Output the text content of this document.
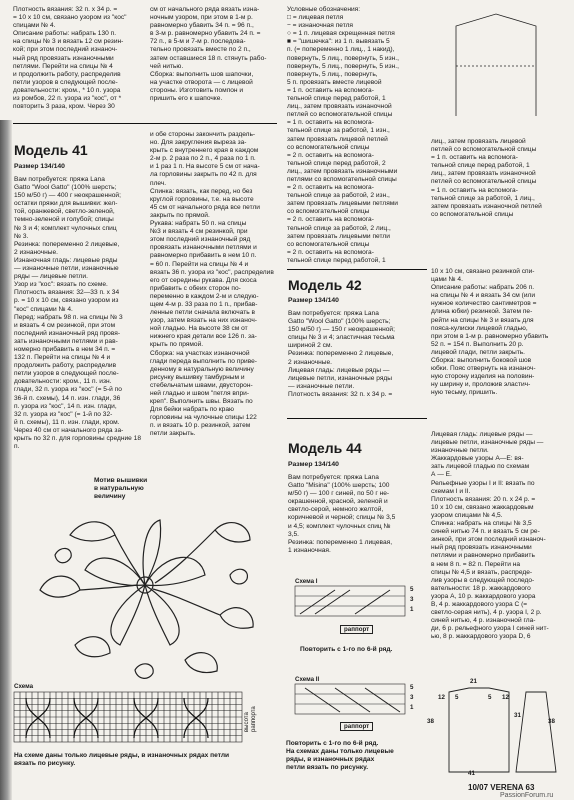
Плотность вязания: 32 п. х 34 р. =
= 10 х 10 см, связано узором из "кос"
спицами № 4.
Описание работы: набрать 130 п.
на спицы № 3 и вязать 12 см резин-
кой; при этом последний изнаноч-
ный ряд провязать изнаночными
петлями. Перейти на спицы № 4
и продолжить работу, распределив
петли узоров в следующей после-
довательности: кром., * 10 п. узора
из ромбов, 22 п. узора из "кос", от *
повторить 3 раза, кром. Через 30
см от начального ряда вязать изна-
ночным узором, при этом в 1-м р.
равномерно убавить 34 п. = 96 п.,
в 3-м р. равномерно убавить 24 п. =
72 п., в 5-м и 7-м р. последова-
тельно провязать вместе по 2 п.,
затем оставшиеся 18 п. стянуть рабо-
чей нитью.
Сборка: выполнить шов шапочки,
на участке отворота — с лицевой
стороны. Изготовить помпон и
пришить его к шапочке.
Модель 41
Размер 134/140
Вам потребуется: пряжа Lana
Gatto "Wool Gatto" (100% шерсть;
150 м/50 г) — 400 г неокрашенной;
остатки пряжи для вышивки: жел-
той, оранжевой, светло-зеленой,
темно-зеленой и голубой; спицы
№ 3 и 4; комплект чулочных спиц
№ 3.
Резинка: попеременно 2 лицевые,
2 изнаночные.
Изнаночная гладь: лицевые ряды
— изнаночные петли, изнаночные
ряды — лицевые петли.
Узор из "кос": вязать по схеме.
Плотность вязания: 32—33 п. х 34
р. = 10 х 10 см, связано узором из
"кос" спицами № 4.
Перед: набрать 98 п. на спицы № 3
и вязать 4 см резинкой, при этом
последний изнаночный ряд провя-
зать изнаночными петлями и рав-
номерно прибавить в нем 34 п. =
132 п. Перейти на спицы № 4 и
продолжить работу, распределив
петли узоров в следующей после-
довательности: кром., 11 п. изн.
глади, 32 п. узора из "кос" (= 5-й по
36-й п. схемы), 14 п. изн. глади, 36
п. узора из "кос", 14 п. изн. глади,
32 п. узора из "кос" (= 1-й по 32-
й п. схемы), 11 п. изн. глади, кром.
Через 40 см от начального ряда за-
крыть по 32 п. для горловины средние 18 п.
и обе стороны закончить раздель-
но. Для закругления выреза за-
крыть с внутреннего края в каждом
2-м р. 2 раза по 2 п., 4 раза по 1 п.
и 1 раз 1 п. На высоте 5 см от нача-
ла горловины закрыть по 42 п. для
плеч.
Спинка: вязать, как перед, но без
круглой горловины, т.е. на высоте
45 см от начального ряда все петли
закрыть по прямой.
Рукава: набрать 50 п. на спицы
№3 и вязать 4 см резинкой, при
этом последний изнаночный ряд
провязать изнаночными петлями и
равномерно прибавить в нем 10 п.
= 60 п. Перейти на спицы № 4 и
вязать 36 п. узора из "кос", распределив
его от середины рукава. Для скоса
прибавить с обеих сторон по-
переменно в каждом 2-м и следую-
щем 4-м р. 33 раза по 1 п., прибав-
ленные петли сначала включать в
узор, затем вязать на них изнаноч-
ной гладью. На высоте 38 см от
нижнего края детали все 126 п. за-
крыть по прямой.
Сборка: на участках изнаночной
глади переда выполнить по приве-
денному в натуральную величину
рисунку вышивку тамбурным и
стебельчатым швами, двусторон-
ней гладью и швом "петля впри-
креп". Выполнить швы. Вязать по
Для бейки набрать по краю
горловины на чулочные спицы 122
п. и вязать 10 р. резинкой, затем
петли закрыть.
Мотив вышивки
в натуральную
величину
Схема
высота
раппорта
На схеме даны только лицевые ряды, в изнаночных рядах петли
вязать по рисунку.
Условные обозначения:
□ = лицевая петля
− = изнаночная петля
○ = 1 п. лицевая скрещенная петля
■ = "шишечка": из 1 п. вывязать 5
п. (= попеременно 1 лиц., 1 накид),
повернуть, 5 лиц., повернуть, 5 изн.,
повернуть, 5 лиц., повернуть, 5 изн.,
повернуть, 5 лиц., повернуть,
5 п. провязать вместе лицевой
= 1 п. оставить на вспомога-
тельной спице перед работой, 1
лиц., затем провязать изнаночной
петлей со вспомогательной спицы
= 1 п. оставить на вспомога-
тельной спице за работой, 1 изн.,
затем провязать лицевой петлей
со вспомогательной спицы
= 2 п. оставить на вспомога-
тельной спице перед работой, 2
лиц., затем провязать изнаночными
петлями со вспомогательной спицы
= 2 п. оставить на вспомога-
тельной спице за работой, 2 изн.,
затем провязать лицевыми петлями
со вспомогательной спицы
= 2 п. оставить на вспомога-
тельной спице за работой, 2 лиц.,
затем провязать лицевыми петли
со вспомогательной спицы
= 2 п. оставить на вспомога-
тельной спице перед работой, 1
лиц., затем провязать лицевой
петлей со вспомогательной спицы
= 1 п. оставить на вспомога-
тельной спице перед работой, 1
лиц., затем провязать изнаночной
петлей со вспомогательной спицы
= 1 п. оставить на вспомога-
тельной спице за работой, 1 лиц.,
затем провязать изнаночной петлей
со вспомогательной спицы
Модель 42
Размер 134/140
Вам потребуется: пряжа Lana
Gatto "Wool Gatto" (100% шерсть;
150 м/50 г) — 150 г неокрашенной;
спицы № 3 и 4; эластичная тесьма
шириной 2 см.
Резинка: попеременно 2 лицевые,
2 изнаночные.
Лицевая гладь: лицевые ряды —
лицевые петли, изнаночные ряды
— изнаночные петли.
Плотность вязания: 32 п. х 34 р. =
10 х 10 см, связано резинкой спи-
цами № 4.
Описание работы: набрать 206 п.
на спицы № 4 и вязать 34 см (или
нужное количество сантиметров =
длина юбки) резинкой. Затем пе-
рейти на спицы № 3 и вязать для
пояса-кулиски лицевой гладью,
при этом в 1-м р. равномерно убавить
52 п. = 154 п. Выполнить 20 р.
лицевой глади, петли закрыть.
Сборка: выполнить боковой шов
юбки. Пояс отвернуть на изнаноч-
ную сторону изделия на половин-
ну ширину и, проложив эластич-
ную тесьму, пришить.
Модель 44
Размер 134/140
Вам потребуется: пряжа Lana
Gatto "Misina" (100% шерсть; 100
м/50 г) — 100 г синей, по 50 г не-
окрашенной, красной, зеленой и
светло-серой, немного желтой,
коричневой и черной; спицы № 3,5
и 4,5; комплект чулочных спиц №
3,5.
Резинка: попеременно 1 лицевая,
1 изнаночная.
Лицевая гладь: лицевые ряды —
лицевые петли, изнаночные ряды —
изнаночные петли.
Жаккардовые узоры А—Е: вя-
зать лицевой гладью по схемам
А — Е.
Рельефные узоры I и II: вязать по
схемам I и II.
Плотность вязания: 20 п. х 24 р. =
10 х 10 см, связано жаккардовым
узором спицами № 4,5.
Спинка: набрать на спицы № 3,5
синей нитью 74 п. и вязать 5 см ре-
зинкой, при этом последний изнаноч-
ный ряд провязать изнаночными
петлями и равномерно прибавить
в нем 8 п. = 82 п. Перейти на
спицы № 4,5 и вязать, распреде-
лив узоры в следующей последо-
вательности: 18 р. жаккардового
узора А, 10 р. жаккардового узора
В, 4 р. жаккардового узора С (=
светло-серая нить), 4 р. узора I, 2 р.
синей нитью, 4 р. изнаночной гла-
ди, 6 р. рельефного узора I синей нит-
ью, 8 р. жаккардового узора D, 6
Схема I
5
3
1
раппорт
Повторить с 1-го по 6-й ряд.
Схема II
5
3
1
раппорт
Повторить с 1-го по 6-й ряд.
На схемах даны только лицевые
ряды, в изнаночных рядах
петли вязать по рисунку.
21
12 5	5 12
38
31
38
41
10/07 VERENA 63
PassionForum.ru
